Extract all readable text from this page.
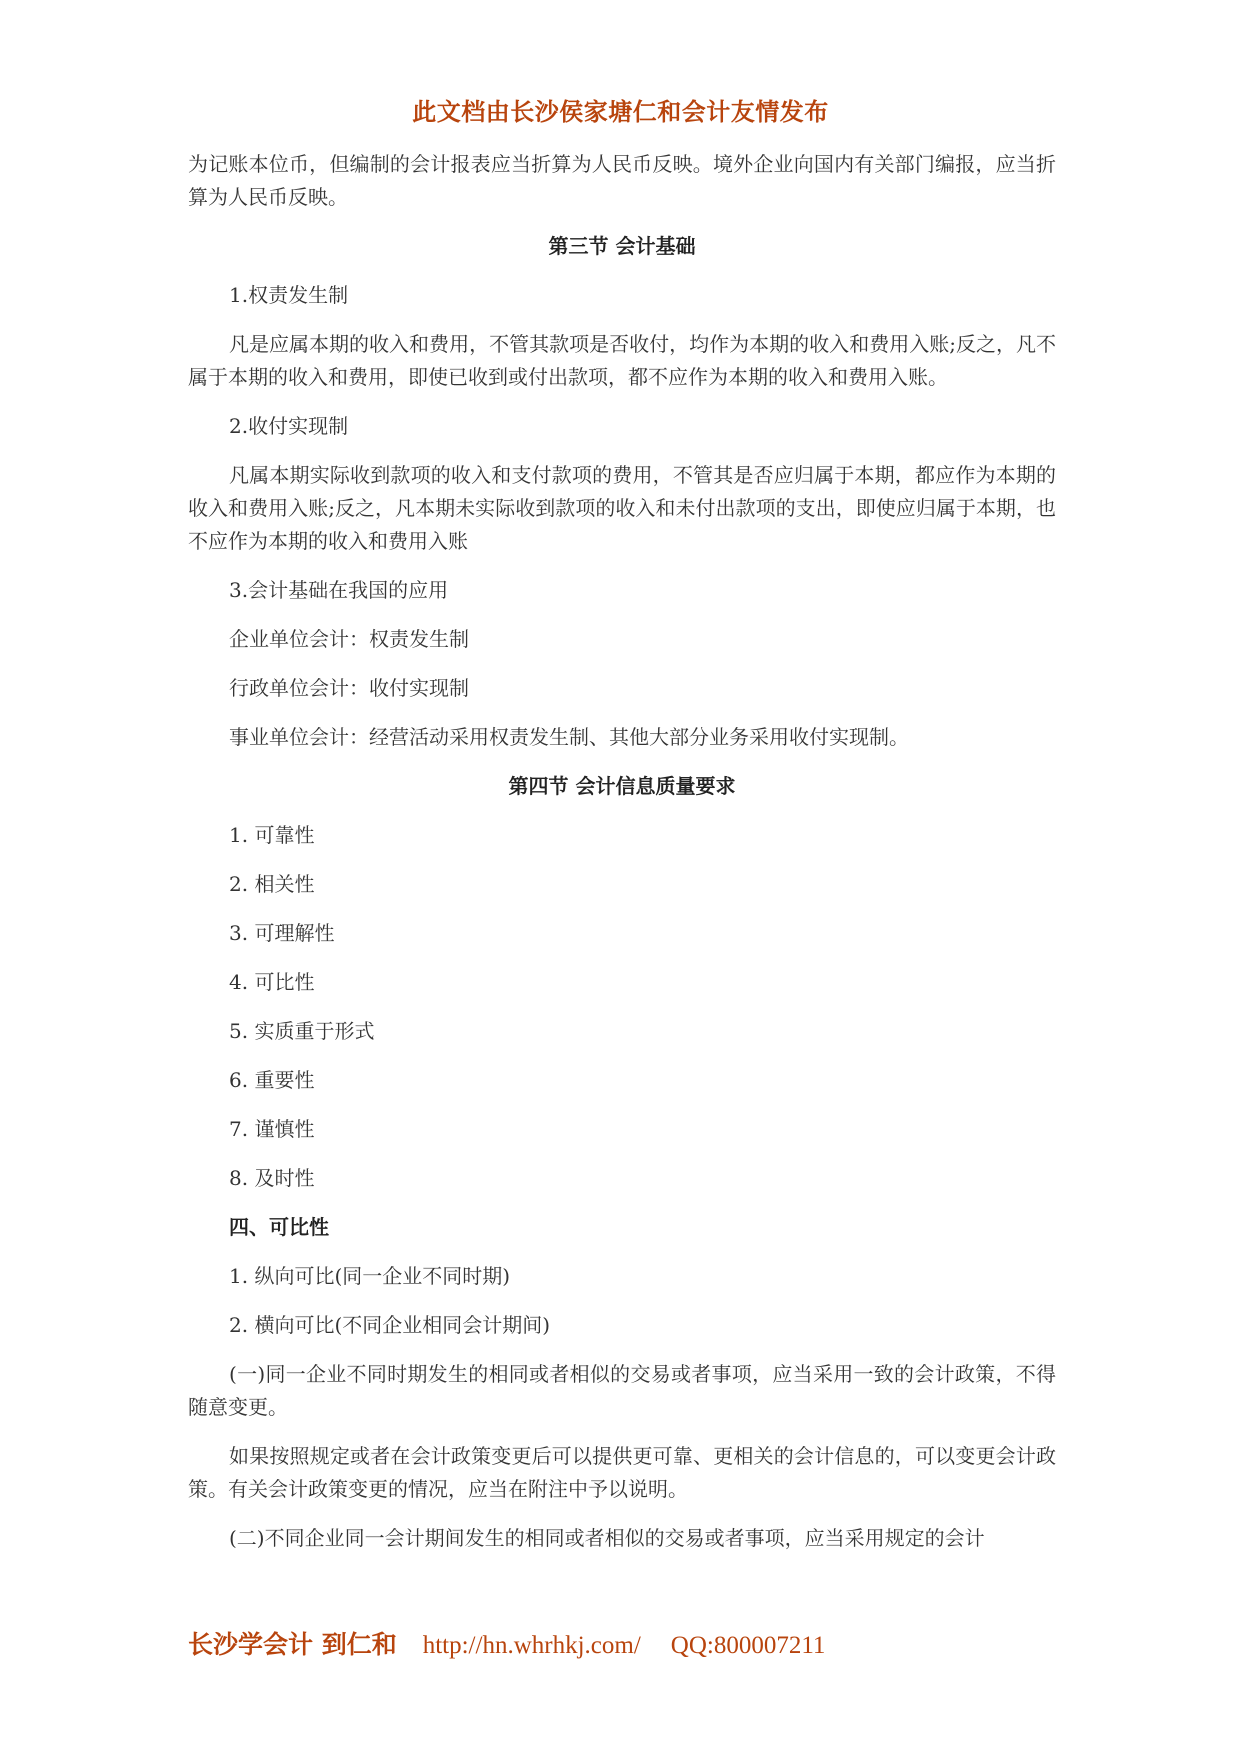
此文档由长沙侯家塘仁和会计友情发布

为记账本位币，但编制的会计报表应当折算为人民币反映。境外企业向国内有关部门编报，应当折算为人民币反映。

第三节 会计基础
1.权责发生制

凡是应属本期的收入和费用，不管其款项是否收付，均作为本期的收入和费用入账;反之，凡不属于本期的收入和费用，即使已收到或付出款项，都不应作为本期的收入和费用入账。

2.收付实现制

凡属本期实际收到款项的收入和支付款项的费用，不管其是否应归属于本期，都应作为本期的收入和费用入账;反之，凡本期未实际收到款项的收入和未付出款项的支出，即使应归属于本期，也不应作为本期的收入和费用入账

3.会计基础在我国的应用
企业单位会计：权责发生制
行政单位会计：收付实现制
事业单位会计：经营活动采用权责发生制、其他大部分业务采用收付实现制。
第四节 会计信息质量要求
1. 可靠性
2. 相关性
3. 可理解性
4. 可比性
5. 实质重于形式
6. 重要性
7. 谨慎性
8. 及时性
四、可比性
1. 纵向可比(同一企业不同时期)
2. 横向可比(不同企业相同会计期间)

(一)同一企业不同时期发生的相同或者相似的交易或者事项，应当采用一致的会计政策，不得随意变更。

如果按照规定或者在会计政策变更后可以提供更可靠、更相关的会计信息的，可以变更会计政策。有关会计政策变更的情况，应当在附注中予以说明。

(二)不同企业同一会计期间发生的相同或者相似的交易或者事项，应当采用规定的会计

长沙学会计 到仁和 http://hn.whrhkj.com/ QQ:800007211
